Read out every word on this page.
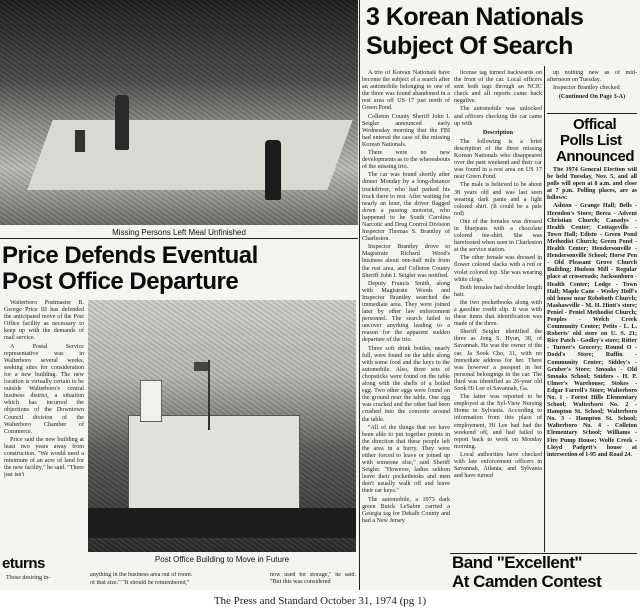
Missing Persons Left Meal Unfinished
3 Korean Nationals
Subject Of Search

A trio of Korean Nationals have become the subject of a search after an automobile belonging to one of the three was found abandoned in a rest area off US 17 just north of Green Pond.

Colleton County Sheriff John I. Seigler announced early Wednesday morning that the FBI had entered the case of the missing Korean Nationals.

There were no new developments as to the whereabouts of the missing trio.

The car was found shortly after dinner Monday by a long-distance truckdriver, who had parked his truck there to rest. After waiting for nearly an hour, the driver flagged down a passing motorist, who happened to be South Carolina Narcotic and Drug Control Division Inspector Thomas S. Brantley of Charleston.

Inspector Brantley drove to Magistrate Richard Wood's business about one-half mile from the rest area, and Colleton County Sheriff John I. Seigler was notified.

Deputy Francis Smith, along with Magistrate Woods and Inspector Brantley searched the immediate area. They were joined later by other law enforcement personnel. The search failed to uncover anything leading to a reason for the apparent sudden departure of the trio.

Three soft drink bottles, nearly full, were found on the table along with some food and the keys to the automobile. Also, three sets of chopsticks were found on the table along with the shells of a boiled egg. Two other eggs were found on the ground near the table. One egg was cracked and the other had been crushed into the concrete around the table.

"All of the things that we have been able to put together points in the direction that these people left the area in a hurry. They were either forced to leave or joined up with someone else," said Sheriff Seigler. "However, ladies seldom leave their pocketbooks and men don't usually walk off and leave their car keys."

The automobile, a 1973 dark green Buick LeSabre carried a Georgia tag for Dekalb County and had a New Jersey

license tag turned backwards on the front of the car. Local officers sent both tags through an NCIC check and all reports came back negative.

The automobile was unlocked and officers checking the car came up with

Description

The following is a brief description of the three missing Korean Nationals who disappeared over the past weekend and their car was found in a rest area on US 17 near Green Pond.

The male is believed to be about 38 years old and was last seen wearing dark pants and a light colored shirt. (It could be a pale red)

One of the females was dressed in bluejeans with a chocolate colored tee-shirt. She was barefooted when seen in Charleston at the service station.

The other female was dressed in flower colored slacks with a red or violet colored top. She was wearing white clogs.

Both females had shoulder length hair.

the two pocketbooks along with a gasoline credit slip. It was with these items that identification was made of the three.

Sheriff Seigler identified the three as Jong S. Hyun, 38, of Savannah. He was the owner of the car. Ja Sook Cho, 31, with no immediate address for her. There was however a passport in her personal belongings in the car. The third was identified as 26-year old Sook Hi Lee of Savannah, Ga.

The latter was reported to be employed at the Syl-View Nursing Home in Sylvania. According to information from this place of employment, Hi Lee had had the weekend off, and had failed to report back to work on Monday morning.

Local authorities have checked with law enforcement officers in Savannah, Atlanta, and Sylvania and have turned

up nothing new as of mid-afternoon on Tuesday.

Inspector Brantley checked

(Continued On Page 3-A)
Offical
Polls List
Announced

The 1974 General Election will be held Tuesday, Nov. 5, and all polls will open at 8 a.m. and close at 7 p.m. Polling places, are as follows:

Ashton - Grange Hall; Bells - Herndon's Store; Berea - Advent Christian Church; Canadys - Health Center; Cottageville - Town Hall; Edisto - Green Pond Methodist Church; Green Pond - Health Center; Hendersonville - Hendersonville School; Horse Pen - Old Pleasant Grove Church Building; Hudson Mill - Regular place at crossroads; Jacksonboro - Health Center; Lodge - Town Hall; Maple Cane - Wesley Hoff's old house near Rehoboth Church; Mashawville - M. H. Hiott's store; Peniel - Peniel Methodist Church; Peoples - Welch Creek Community Center; Petits - L. L. Roberts' old store on U. S. 21; Rice Patch - Godley's store; Ritter - Turner's Grocery; Round O - Dodd's Store; Ruffin - Community Center; Siddey's - Gruber's Store; Smoaks - Old Smoaks School; Sniders - H. P. Ulmer's Warehouse; Stokes - Edgar Farrell's Store; Walterboro No. 1 - Forest Hills Elementary School; Walterboro No. 2 - Hampton St. School; Walterboro No. 3 - Hampton St. School; Walterboro No. 4 - Colleton Elementary School; Williams - Fire Pump House; Wolfe Creek - Lloyd Padgett's house at intersection of I-95 and Road 24.

Price Defends Eventual
Post Office Departure

Walterboro Postmaster B. George Price III has defended the anticipated move of the Post Office facility as necessary to keep up with the demands of mail service.

A Postal Service representative was in Walterboro several weeks, seeking sites for consideration for a new building. The new location is virtually certain to be outside Walterboro's central business district, a situation which has incurred the objections of the Downtown Council division of the Walterboro Chamber of Commerce.

Price said the new building at least two years away from construction. "We would need a minimum of an acre of land for the new facility," he said. "There just isn't

Post Office Building to Move in Future
eturns
Those desiring in-	anything in the business area out of room.
of that size." "It should be remembered,"
now used for storage," he said. "But this was considered
Band "Excellent"
At Camden Contest
The Press and Standard October 31, 1974 (pg 1)
